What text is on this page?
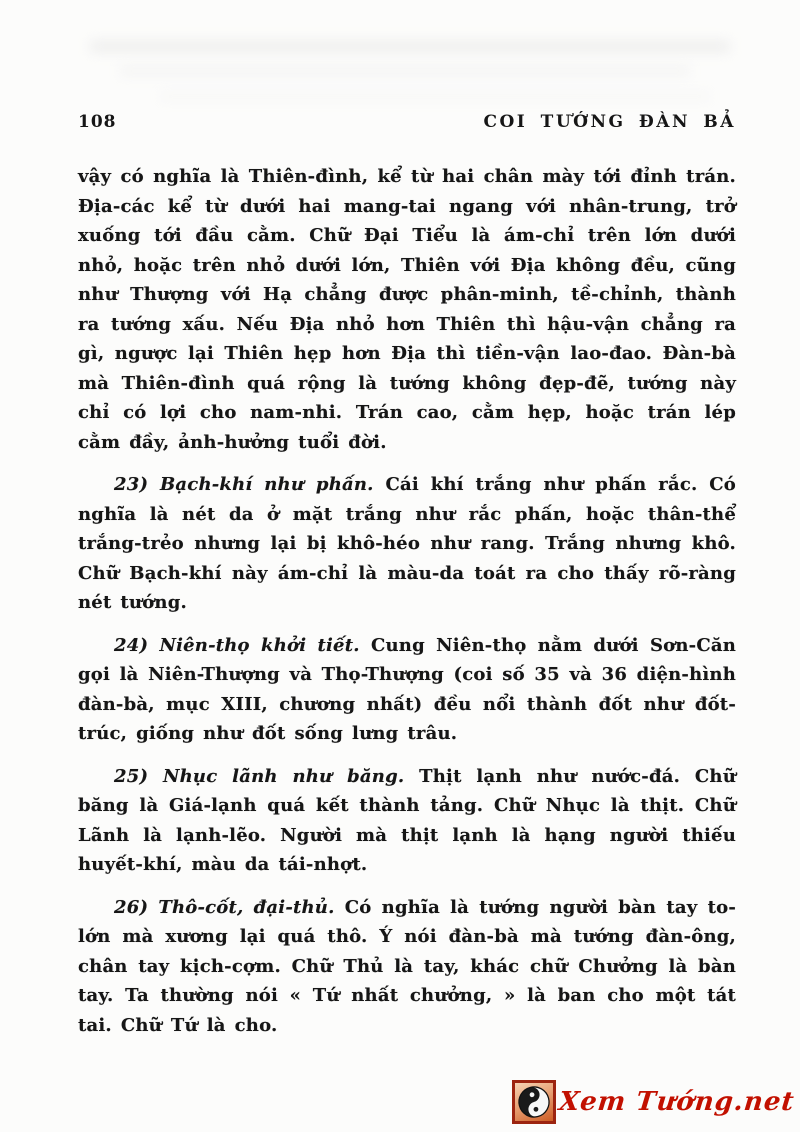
108	COI TƯỚNG ĐÀN BẢ

vậy có nghĩa là Thiên-đình, kể từ hai chân mày tới đỉnh trán. Địa-các kể từ dưới hai mang-tai ngang với nhân-trung, trở xuống tới đầu cằm. Chữ Đại Tiểu là ám-chỉ trên lớn dưới nhỏ, hoặc trên nhỏ dưới lớn, Thiên với Địa không đều, cũng như Thượng với Hạ chẳng được phân-minh, tề-chỉnh, thành ra tướng xấu. Nếu Địa nhỏ hơn Thiên thì hậu-vận chẳng ra gì, ngược lại Thiên hẹp hơn Địa thì tiền-vận lao-đao. Đàn-bà mà Thiên-đình quá rộng là tướng không đẹp-đẽ, tướng này chỉ có lợi cho nam-nhi. Trán cao, cằm hẹp, hoặc trán lép cằm đầy, ảnh-hưởng tuổi đời.

23) Bạch-khí như phấn. Cái khí trắng như phấn rắc. Có nghĩa là nét da ở mặt trắng như rắc phấn, hoặc thân-thể trắng-trẻo nhưng lại bị khô-héo như rang. Trắng nhưng khô. Chữ Bạch-khí này ám-chỉ là màu-da toát ra cho thấy rõ-ràng nét tướng.

24) Niên-thọ khởi tiết. Cung Niên-thọ nằm dưới Sơn-Căn gọi là Niên-Thượng và Thọ-Thượng (coi số 35 và 36 diện-hình đàn-bà, mục XIII, chương nhất) đều nổi thành đốt như đốt-trúc, giống như đốt sống lưng trâu.

25) Nhục lãnh như băng. Thịt lạnh như nước-đá. Chữ băng là Giá-lạnh quá kết thành tảng. Chữ Nhục là thịt. Chữ Lãnh là lạnh-lẽo. Người mà thịt lạnh là hạng người thiếu huyết-khí, màu da tái-nhợt.

26) Thô-cốt, đại-thủ. Có nghĩa là tướng người bàn tay to-lớn mà xương lại quá thô. Ý nói đàn-bà mà tướng đàn-ông, chân tay kịch-cợm. Chữ Thủ là tay, khác chữ Chưởng là bàn tay. Ta thường nói « Tứ nhất chưởng, » là ban cho một tát tai. Chữ Tứ là cho.

Xem Tướng.net
